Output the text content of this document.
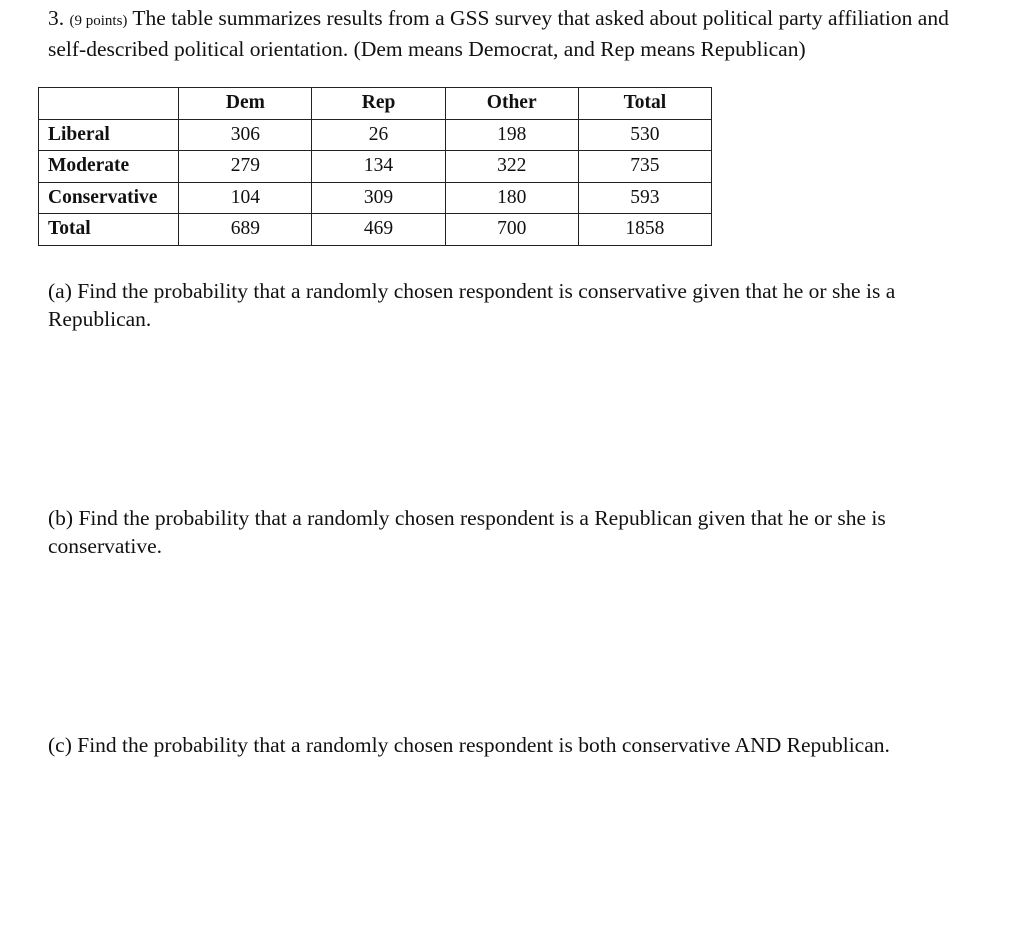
3. (9 points) The table summarizes results from a GSS survey that asked about political party affiliation and self-described political orientation. (Dem means Democrat, and Rep means Republican)
	Dem	Rep	Other	Total
Liberal	306	26	198	530
Moderate	279	134	322	735
Conservative	104	309	180	593
Total	689	469	700	1858
(a) Find the probability that a randomly chosen respondent is conservative given that he or she is a Republican.
(b) Find the probability that a randomly chosen respondent is a Republican given that he or she is conservative.
(c) Find the probability that a randomly chosen respondent is both conservative AND Republican.
